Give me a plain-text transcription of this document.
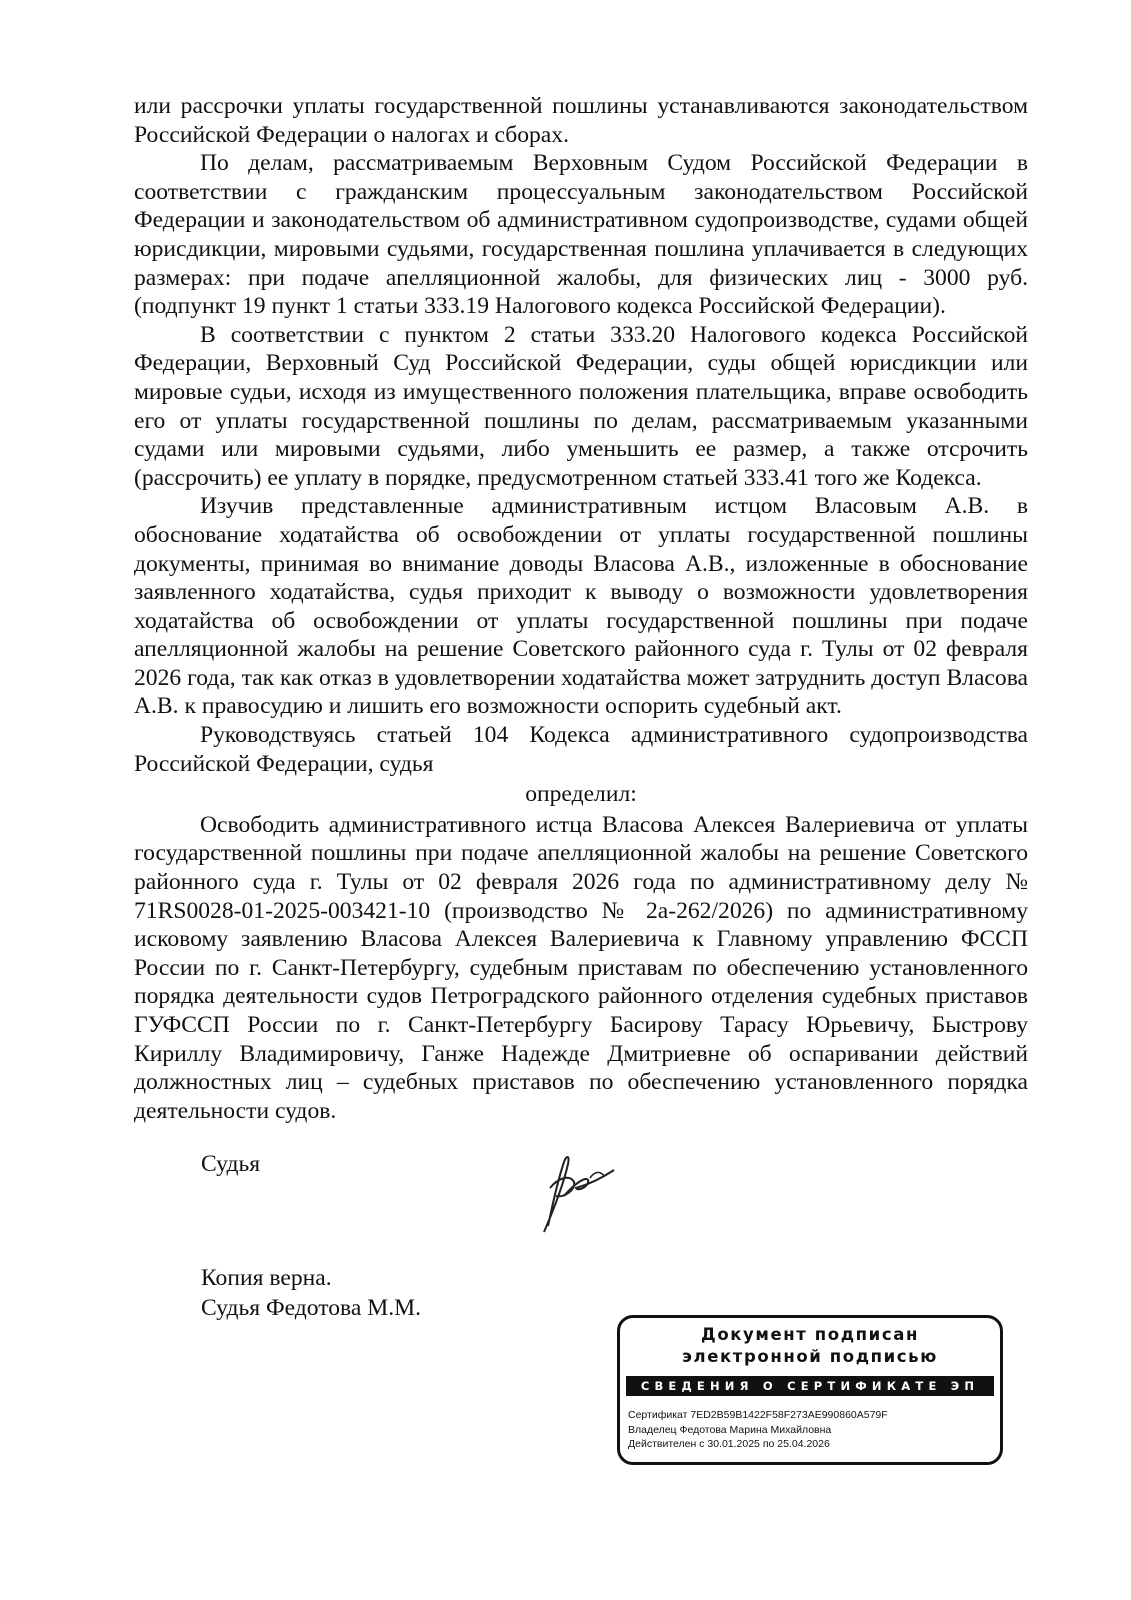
или рассрочки уплаты государственной пошлины устанавливаются законодательством Российской Федерации о налогах и сборах.

По делам, рассматриваемым Верховным Судом Российской Федерации в соответствии с гражданским процессуальным законодательством Российской Федерации и законодательством об административном судопроизводстве, судами общей юрисдикции, мировыми судьями, государственная пошлина уплачивается в следующих размерах: при подаче апелляционной жалобы, для физических лиц - 3000 руб. (подпункт 19 пункт 1 статьи 333.19 Налогового кодекса Российской Федерации).

В соответствии с пунктом 2 статьи 333.20 Налогового кодекса Российской Федерации, Верховный Суд Российской Федерации, суды общей юрисдикции или мировые судьи, исходя из имущественного положения плательщика, вправе освободить его от уплаты государственной пошлины по делам, рассматриваемым указанными судами или мировыми судьями, либо уменьшить ее размер, а также отсрочить (рассрочить) ее уплату в порядке, предусмотренном статьей 333.41 того же Кодекса.

Изучив представленные административным истцом Власовым А.В. в обоснование ходатайства об освобождении от уплаты государственной пошлины документы, принимая во внимание доводы Власова А.В., изложенные в обоснование заявленного ходатайства, судья приходит к выводу о возможности удовлетворения ходатайства об освобождении от уплаты государственной пошлины при подаче апелляционной жалобы на решение Советского районного суда г. Тулы от 02 февраля 2026 года, так как отказ в удовлетворении ходатайства может затруднить доступ Власова А.В. к правосудию и лишить его возможности оспорить судебный акт.

Руководствуясь статьей 104 Кодекса административного судопроизводства Российской Федерации, судья

определил:

Освободить административного истца Власова Алексея Валериевича от уплаты государственной пошлины при подаче апелляционной жалобы на решение Советского районного суда г. Тулы от 02 февраля 2026 года по административному делу № 71RS0028-01-2025-003421-10 (производство № 2а-262/2026) по административному исковому заявлению Власова Алексея Валериевича к Главному управлению ФССП России по г. Санкт-Петербургу, судебным приставам по обеспечению установленного порядка деятельности судов Петроградского районного отделения судебных приставов ГУФССП России по г. Санкт-Петербургу Басирову Тарасу Юрьевичу, Быстрову Кириллу Владимировичу, Ганже Надежде Дмитриевне об оспаривании действий должностных лиц – судебных приставов по обеспечению установленного порядка деятельности судов.

Судья
Копия верна.
Судья Федотова М.М.
Документ подписан
электронной подписью
СВЕДЕНИЯ О СЕРТИФИКАТЕ ЭП
Сертификат 7ED2B59B1422F58F273AE990860A579F
Владелец Федотова Марина Михайловна
Действителен с 30.01.2025 по 25.04.2026
